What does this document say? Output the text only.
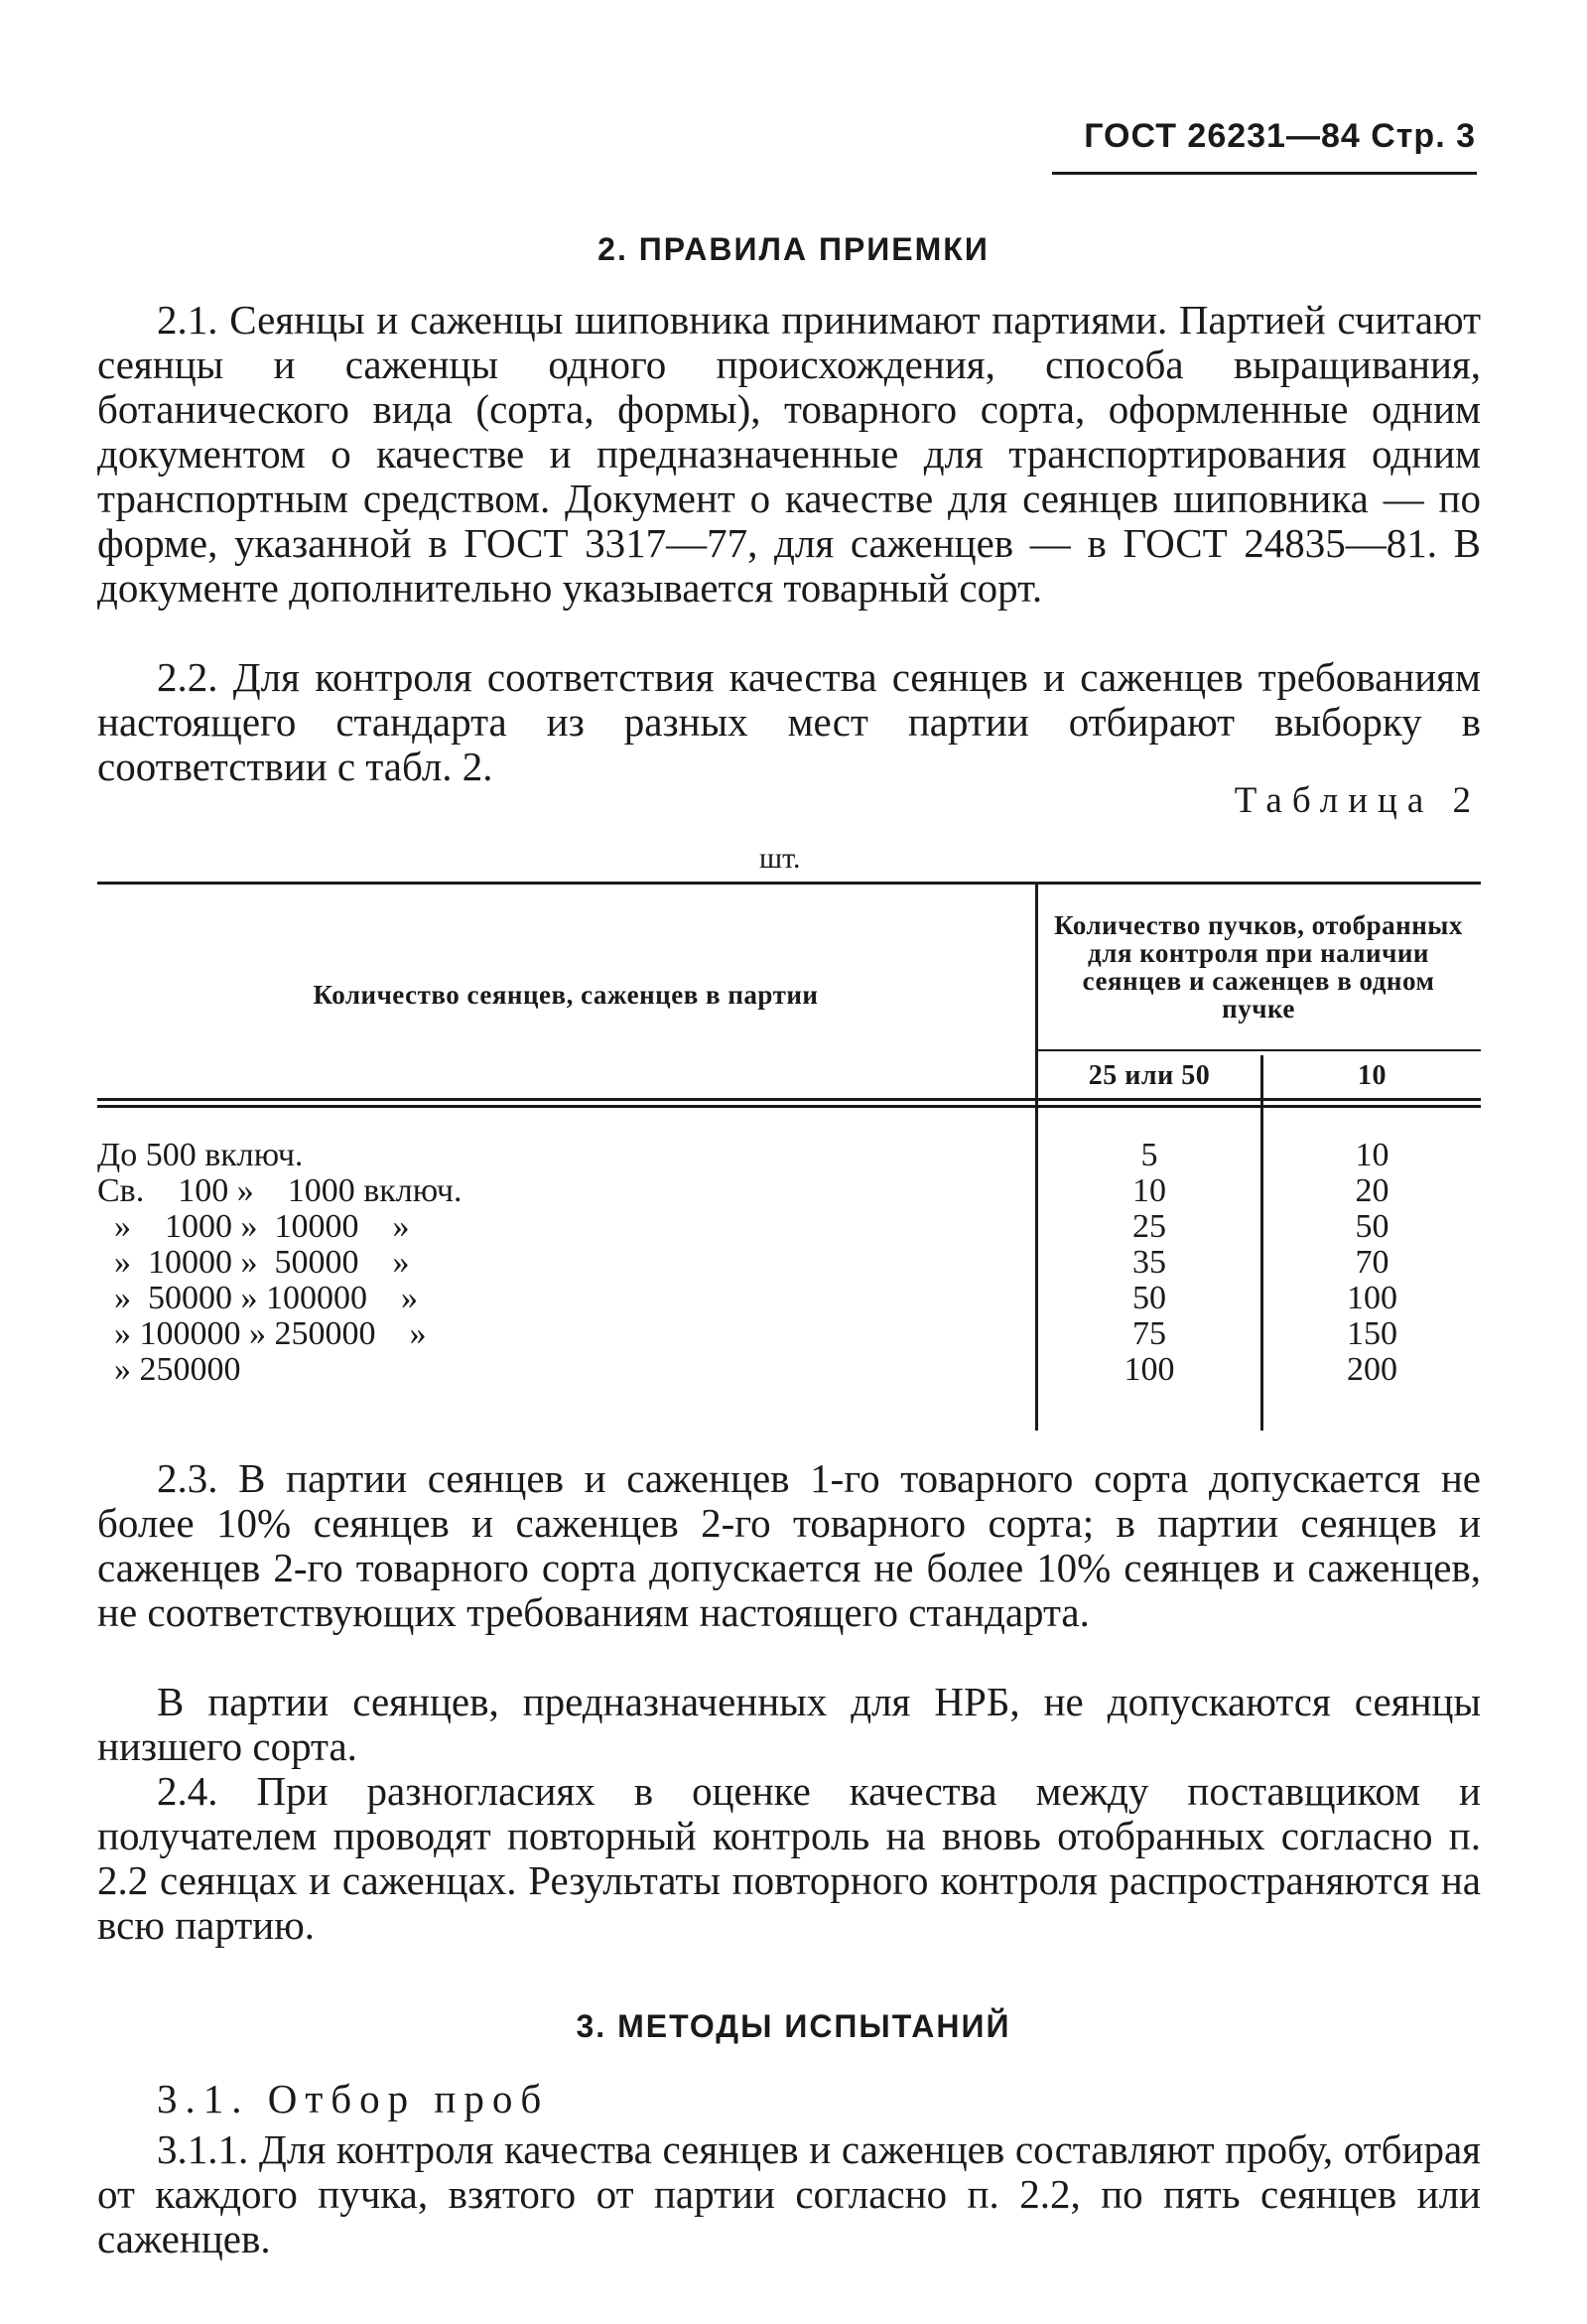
ГОСТ 26231—84 Стр. 3
2. ПРАВИЛА ПРИЕМКИ

2.1. Сеянцы и саженцы шиповника принимают партиями. Партией считают сеянцы и саженцы одного происхождения, способа выращивания, ботанического вида (сорта, формы), товарного сорта, оформленные одним документом о качестве и предназначенные для транспортирования одним транспортным средством. Документ о качестве для сеянцев шиповника — по форме, указанной в ГОСТ 3317—77, для саженцев — в ГОСТ 24835—81. В документе дополнительно указывается товарный сорт.

2.2. Для контроля соответствия качества сеянцев и саженцев требованиям настоящего стандарта из разных мест партии отбирают выборку в соответствии с табл. 2.

Таблица 2
шт.
Количество сеянцев, саженцев в партии
Количество пучков, отобранных для контроля при наличии сеянцев и саженцев в одном пучке
25 или 50	10
До 500 включ.	5	10
Св.    100 »    1000 включ.	10	20
»    1000 »  10000    »	25	50
»  10000 »  50000    »	35	70
»  50000 » 100000    »	50	100
» 100000 » 250000    »	75	150
» 250000	100	200

2.3. В партии сеянцев и саженцев 1-го товарного сорта допускается не более 10% сеянцев и саженцев 2-го товарного сорта; в партии сеянцев и саженцев 2-го товарного сорта допускается не более 10% сеянцев и саженцев, не соответствующих требованиям настоящего стандарта.

В партии сеянцев, предназначенных для НРБ, не допускаются сеянцы низшего сорта.

2.4. При разногласиях в оценке качества между поставщиком и получателем проводят повторный контроль на вновь отобранных согласно п. 2.2 сеянцах и саженцах. Результаты повторного контроля распространяются на всю партию.

3. МЕТОДЫ ИСПЫТАНИЙ

3.1. Отбор проб

3.1.1. Для контроля качества сеянцев и саженцев составляют пробу, отбирая от каждого пучка, взятого от партии согласно п. 2.2, по пять сеянцев или саженцев.
